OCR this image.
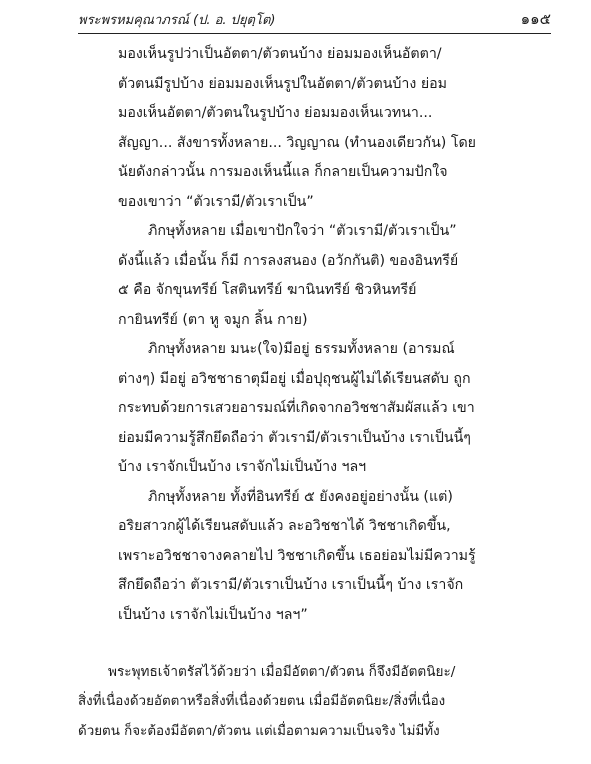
พระพรหมคุณาภรณ์ (ป. อ. ปยุตฺโต)	๑๑๕
มองเห็นรูปว่าเป็นอัตตา/ตัวตนบ้าง ย่อมมองเห็นอัตตา/
ตัวตนมีรูปบ้าง ย่อมมองเห็นรูปในอัตตา/ตัวตนบ้าง ย่อม
มองเห็นอัตตา/ตัวตนในรูปบ้าง ย่อมมองเห็นเวทนา...
สัญญา... สังขารทั้งหลาย... วิญญาณ (ทำนองเดียวกัน) โดย
นัยดังกล่าวนั้น การมองเห็นนี้แล ก็กลายเป็นความปักใจ
ของเขาว่า “ตัวเรามี/ตัวเราเป็น”
ภิกษุทั้งหลาย เมื่อเขาปักใจว่า “ตัวเรามี/ตัวเราเป็น”
ดังนี้แล้ว เมื่อนั้น ก็มี การลงสนอง (อวักกันติ) ของอินทรีย์
๕ คือ จักขุนทรีย์ โสตินทรีย์ ฆานินทรีย์ ชิวหินทรีย์
กายินทรีย์ (ตา หู จมูก ลิ้น กาย)
ภิกษุทั้งหลาย มนะ(ใจ)มีอยู่ ธรรมทั้งหลาย (อารมณ์
ต่างๆ) มีอยู่ อวิชชาธาตุมีอยู่ เมื่อปุถุชนผู้ไม่ได้เรียนสดับ ถูก
กระทบด้วยการเสวยอารมณ์ที่เกิดจากอวิชชาสัมผัสแล้ว เขา
ย่อมมีความรู้สึกยึดถือว่า ตัวเรามี/ตัวเราเป็นบ้าง เราเป็นนี้ๆ
บ้าง เราจักเป็นบ้าง เราจักไม่เป็นบ้าง ฯลฯ
ภิกษุทั้งหลาย ทั้งที่อินทรีย์ ๕ ยังคงอยู่อย่างนั้น (แต่)
อริยสาวกผู้ได้เรียนสดับแล้ว ละอวิชชาได้ วิชชาเกิดขึ้น,
เพราะอวิชชาจางคลายไป วิชชาเกิดขึ้น เธอย่อมไม่มีความรู้
สึกยึดถือว่า ตัวเรามี/ตัวเราเป็นบ้าง เราเป็นนี้ๆ บ้าง เราจัก
เป็นบ้าง เราจักไม่เป็นบ้าง ฯลฯ”
พระพุทธเจ้าตรัสไว้ด้วยว่า เมื่อมีอัตตา/ตัวตน ก็จึงมีอัตตนิยะ/
สิ่งที่เนื่องด้วยอัตตาหรือสิ่งที่เนื่องด้วยตน เมื่อมีอัตตนิยะ/สิ่งที่เนื่อง
ด้วยตน ก็จะต้องมีอัตตา/ตัวตน แต่เมื่อตามความเป็นจริง ไม่มีทั้ง
